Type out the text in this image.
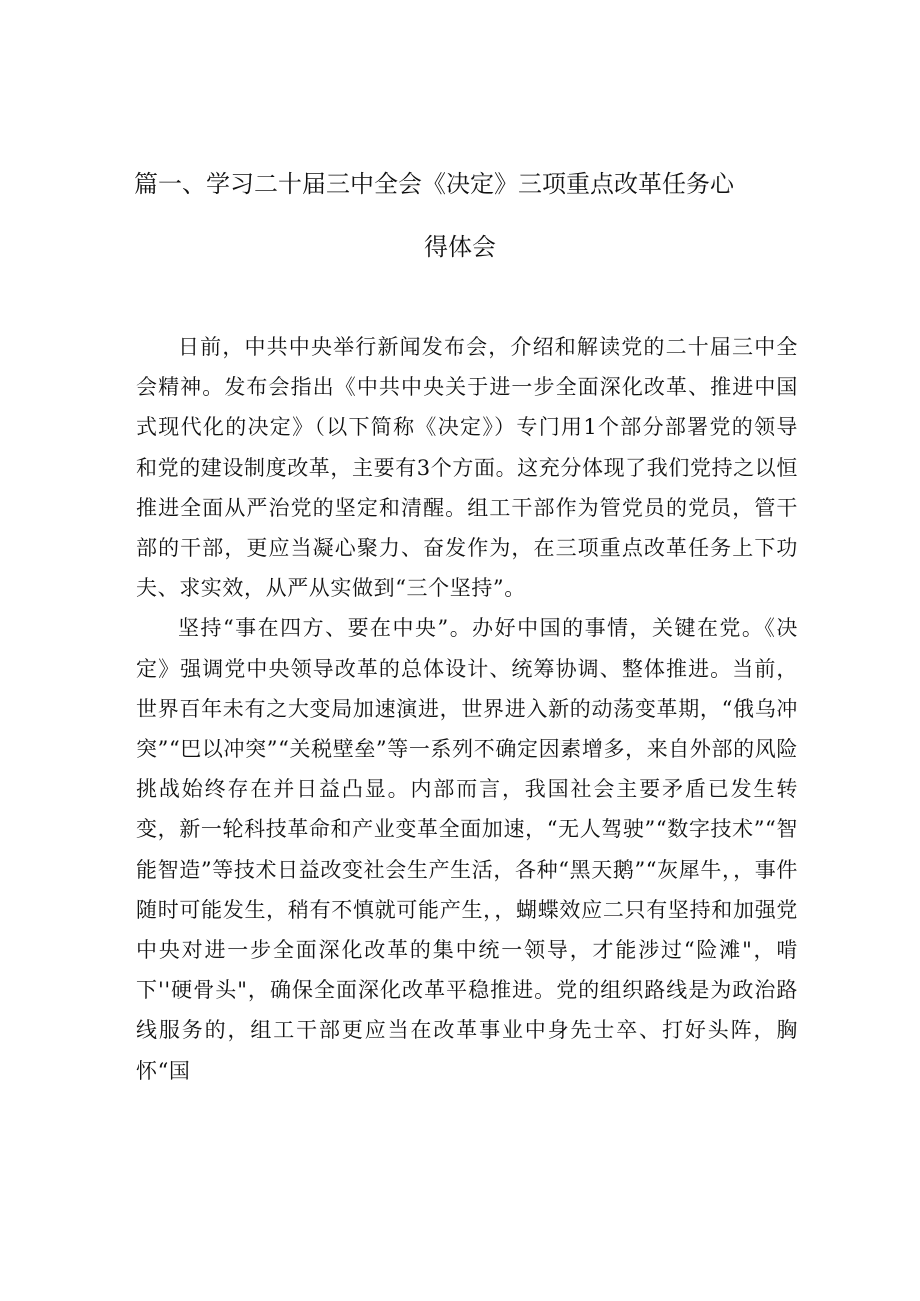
篇一、学习二十届三中全会《决定》三项重点改革任务心
得体会

日前，中共中央举行新闻发布会，介绍和解读党的二十届三中全会精神。发布会指出《中共中央关于进一步全面深化改革、推进中国式现代化的决定》（以下简称《决定》）专门用1个部分部署党的领导和党的建设制度改革，主要有3个方面。这充分体现了我们党持之以恒推进全面从严治党的坚定和清醒。组工干部作为管党员的党员，管干部的干部，更应当凝心聚力、奋发作为，在三项重点改革任务上下功夫、求实效，从严从实做到“三个坚持”。

坚持“事在四方、要在中央”。办好中国的事情，关键在党。《决定》强调党中央领导改革的总体设计、统筹协调、整体推进。当前，世界百年未有之大变局加速演进，世界进入新的动荡变革期，“俄乌冲突”“巴以冲突”“关税壁垒”等一系列不确定因素增多，来自外部的风险挑战始终存在并日益凸显。内部而言，我国社会主要矛盾已发生转变，新一轮科技革命和产业变革全面加速，“无人驾驶”“数字技术”“智能智造”等技术日益改变社会生产生活，各种“黑天鹅”“灰犀牛，，事件随时可能发生，稍有不慎就可能产生，，蝴蝶效应二只有坚持和加强党中央对进一步全面深化改革的集中统一领导，才能涉过“险滩"，啃下''硬骨头"，确保全面深化改革平稳推进。党的组织路线是为政治路线服务的，组工干部更应当在改革事业中身先士卒、打好头阵，胸怀“国
